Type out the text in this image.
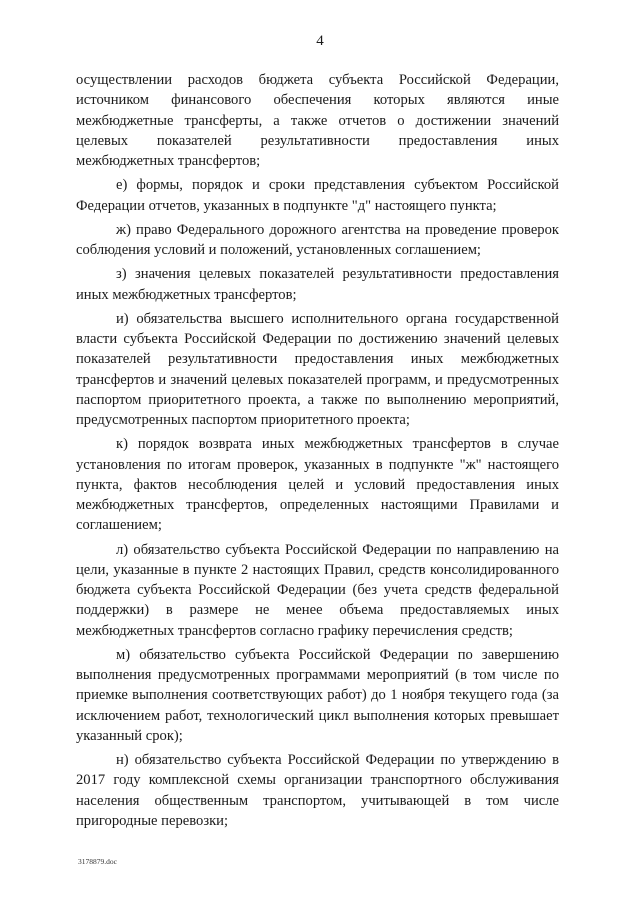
4

осуществлении расходов бюджета субъекта Российской Федерации, источником финансового обеспечения которых являются иные межбюджетные трансферты, а также отчетов о достижении значений целевых показателей результативности предоставления иных межбюджетных трансфертов;

е) формы, порядок и сроки представления субъектом Российской Федерации отчетов, указанных в подпункте "д" настоящего пункта;

ж) право Федерального дорожного агентства на проведение проверок соблюдения условий и положений, установленных соглашением;

з) значения целевых показателей результативности предоставления иных межбюджетных трансфертов;

и) обязательства высшего исполнительного органа государственной власти субъекта Российской Федерации по достижению значений целевых показателей результативности предоставления иных межбюджетных трансфертов и значений целевых показателей программ, и предусмотренных паспортом приоритетного проекта, а также по выполнению мероприятий, предусмотренных паспортом приоритетного проекта;

к) порядок возврата иных межбюджетных трансфертов в случае установления по итогам проверок, указанных в подпункте "ж" настоящего пункта, фактов несоблюдения целей и условий предоставления иных межбюджетных трансфертов, определенных настоящими Правилами и соглашением;

л) обязательство субъекта Российской Федерации по направлению на цели, указанные в пункте 2 настоящих Правил, средств консолидированного бюджета субъекта Российской Федерации (без учета средств федеральной поддержки) в размере не менее объема предоставляемых иных межбюджетных трансфертов согласно графику перечисления средств;

м) обязательство субъекта Российской Федерации по завершению выполнения предусмотренных программами мероприятий (в том числе по приемке выполнения соответствующих работ) до 1 ноября текущего года (за исключением работ, технологический цикл выполнения которых превышает указанный срок);

н) обязательство субъекта Российской Федерации по утверждению в 2017 году комплексной схемы организации транспортного обслуживания населения общественным транспортом, учитывающей в том числе пригородные перевозки;

3178879.doc
